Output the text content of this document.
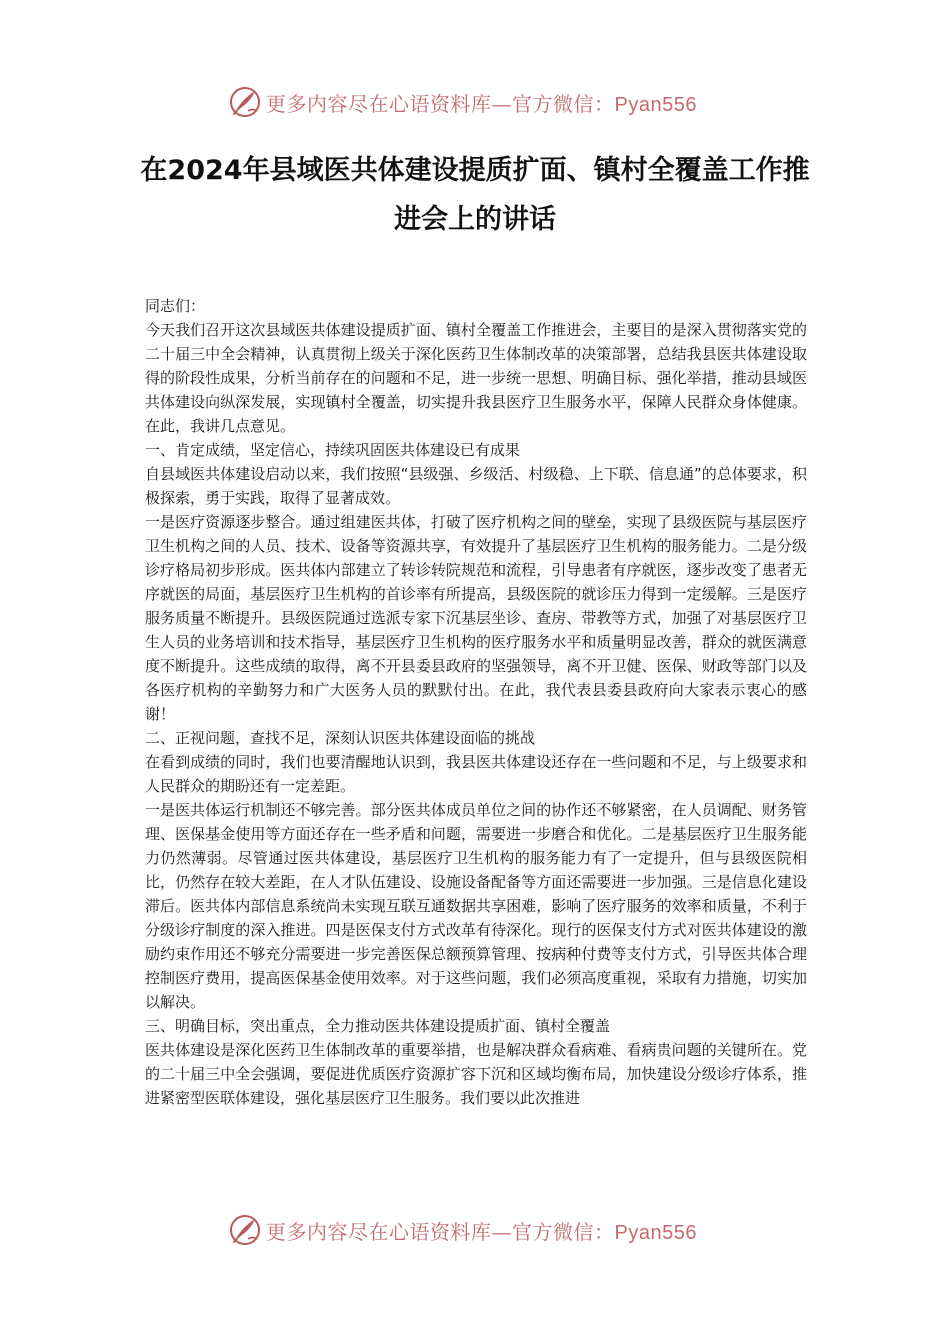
更多内容尽在心语资料库—官方微信：Pyan556
在2024年县域医共体建设提质扩面、镇村全覆盖工作推进会上的讲话

同志们：

今天我们召开这次县域医共体建设提质扩面、镇村全覆盖工作推进会，主要目的是深入贯彻落实党的二十届三中全会精神，认真贯彻上级关于深化医药卫生体制改革的决策部署，总结我县医共体建设取得的阶段性成果，分析当前存在的问题和不足，进一步统一思想、明确目标、强化举措，推动县域医共体建设向纵深发展，实现镇村全覆盖，切实提升我县医疗卫生服务水平，保障人民群众身体健康。在此，我讲几点意见。

一、肯定成绩，坚定信心，持续巩固医共体建设已有成果

自县域医共体建设启动以来，我们按照“县级强、乡级活、村级稳、上下联、信息通”的总体要求，积极探索，勇于实践，取得了显著成效。

一是医疗资源逐步整合。通过组建医共体，打破了医疗机构之间的壁垒，实现了县级医院与基层医疗卫生机构之间的人员、技术、设备等资源共享，有效提升了基层医疗卫生机构的服务能力。二是分级诊疗格局初步形成。医共体内部建立了转诊转院规范和流程，引导患者有序就医，逐步改变了患者无序就医的局面，基层医疗卫生机构的首诊率有所提高，县级医院的就诊压力得到一定缓解。三是医疗服务质量不断提升。县级医院通过选派专家下沉基层坐诊、查房、带教等方式，加强了对基层医疗卫生人员的业务培训和技术指导，基层医疗卫生机构的医疗服务水平和质量明显改善，群众的就医满意度不断提升。这些成绩的取得，离不开县委县政府的坚强领导，离不开卫健、医保、财政等部门以及各医疗机构的辛勤努力和广大医务人员的默默付出。在此，我代表县委县政府向大家表示衷心的感谢！

二、正视问题，查找不足，深刻认识医共体建设面临的挑战

在看到成绩的同时，我们也要清醒地认识到，我县医共体建设还存在一些问题和不足，与上级要求和人民群众的期盼还有一定差距。

一是医共体运行机制还不够完善。部分医共体成员单位之间的协作还不够紧密，在人员调配、财务管理、医保基金使用等方面还存在一些矛盾和问题，需要进一步磨合和优化。二是基层医疗卫生服务能力仍然薄弱。尽管通过医共体建设，基层医疗卫生机构的服务能力有了一定提升，但与县级医院相比，仍然存在较大差距，在人才队伍建设、设施设备配备等方面还需要进一步加强。三是信息化建设滞后。医共体内部信息系统尚未实现互联互通数据共享困难，影响了医疗服务的效率和质量，不利于分级诊疗制度的深入推进。四是医保支付方式改革有待深化。现行的医保支付方式对医共体建设的激励约束作用还不够充分需要进一步完善医保总额预算管理、按病种付费等支付方式，引导医共体合理控制医疗费用，提高医保基金使用效率。对于这些问题，我们必须高度重视，采取有力措施，切实加以解决。

三、明确目标，突出重点，全力推动医共体建设提质扩面、镇村全覆盖

医共体建设是深化医药卫生体制改革的重要举措，也是解决群众看病难、看病贵问题的关键所在。党的二十届三中全会强调，要促进优质医疗资源扩容下沉和区域均衡布局，加快建设分级诊疗体系，推进紧密型医联体建设，强化基层医疗卫生服务。我们要以此次推进

更多内容尽在心语资料库—官方微信：Pyan556
